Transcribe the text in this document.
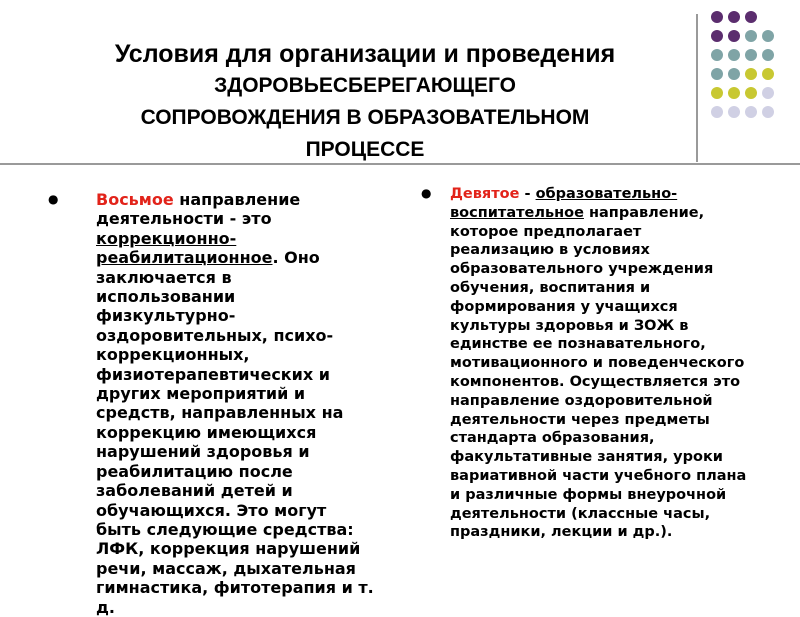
Условия для организации и проведения
ЗДОРОВЬЕСБЕРЕГАЮЩЕГО
СОПРОВОЖДЕНИЯ В ОБРАЗОВАТЕЛЬНОМ
ПРОЦЕССЕ
● Восьмое направление деятельности - это коррекционно-реабилитационное. Оно заключается в использовании физкультурно-оздоровительных, психо-коррекционных, физиотерапевтических и других мероприятий и средств, направленных на коррекцию имеющихся нарушений здоровья и реабилитацию после заболеваний детей и обучающихся. Это могут быть следующие средства: ЛФК, коррекция нарушений речи, массаж, дыхательная гимнастика, фитотерапия и т. д.

● Девятое - образовательно-воспитательное направление, которое предполагает реализацию в условиях образовательного учреждения обучения, воспитания и формирования у учащихся культуры здоровья и ЗОЖ в единстве ее познавательного, мотивационного и поведенческого компонентов. Осуществляется это направление оздоровительной деятельности через предметы стандарта образования, факультативные занятия, уроки вариативной части учебного плана и различные формы внеурочной деятельности (классные часы, праздники, лекции и др.).
